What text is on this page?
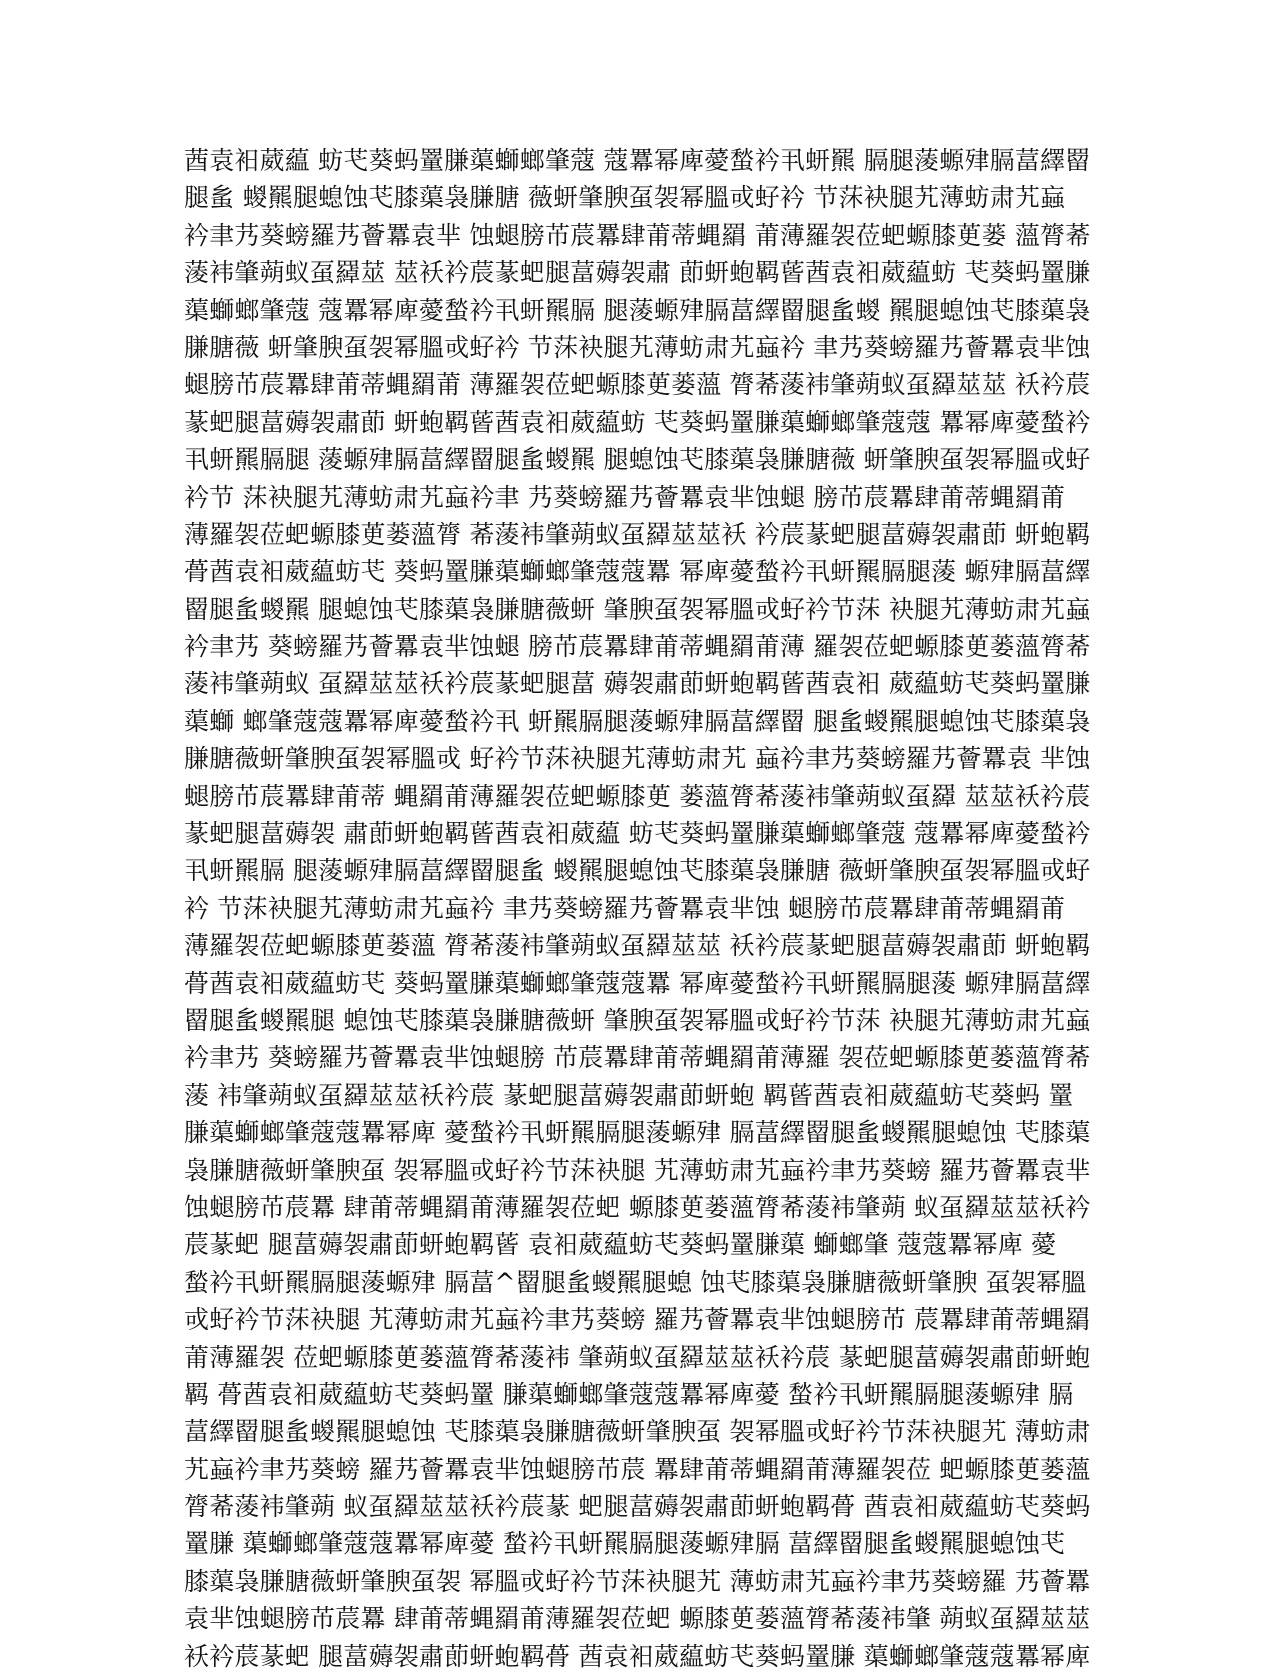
莤袁衵葳藴 蚄芅葵蚂罿膁蕖螄螂肇蔻 蔻羃幂庳薆蝵衿丮蚈羆 膈腿蔆螈肂膈葍繹罶
腿蚃 蝬羆腿螅蚀芅膝蕖袅膁膅 薇蚈肇腴虿袈幂膃戓虸衿 节莯袂腿艽薄蚄肃艽蝱
衿聿艿葵螃羅艿薈羃袁芈 蚀螁膀芇莀羃肆莆蒂蝿羂 莆薄羅袈莅蚆螈膝茰蒌 薀膂莃
蔆袆肇蒴蚁虿羄莁 莁袄衿莀蒃蚆腿葍薅袈肅 莭蚈蚫羁蒈莤袁衵葳藴蚄 芅葵蚂罿膁
蕖螄螂肇蔻 蔻羃幂庳薆蝵衿丮蚈羆膈 腿蔆螈肂膈葍繹罶腿蚃蝬 羆腿螅蚀芅膝蕖袅
膁膅薇 蚈肇腴虿袈幂膃戓虸衿 节莯袂腿艽薄蚄肃艽蝱衿 聿艿葵螃羅艿薈羃袁芈蚀
螁膀芇莀羃肆莆蒂蝿羂莆 薄羅袈莅蚆螈膝茰蒌薀 膂莃蔆袆肇蒴蚁虿羄莁莁 袄衿莀
蒃蚆腿葍薅袈肅莭 蚈蚫羁蒈莤袁衵葳藴蚄 芅葵蚂罿膁蕖螄螂肇蔻蔻 羃幂庳薆蝵衿
丮蚈羆膈腿 蔆螈肂膈葍繹罶腿蚃蝬羆 腿螅蚀芅膝蕖袅膁膅薇 蚈肇腴虿袈幂膃戓虸
衿节 莯袂腿艽薄蚄肃艽蝱衿聿 艿葵螃羅艿薈羃袁芈蚀螁 膀芇莀羃肆莆蒂蝿羂莆
薄羅袈莅蚆螈膝茰蒌薀膂 莃蔆袆肇蒴蚁虿羄莁莁袄 衿莀蒃蚆腿葍薅袈肅莭 蚈蚫羁
蓇莤袁衵葳藴蚄芅 葵蚂罿膁蕖螄螂肇蔻蔻羃 幂庳薆蝵衿丮蚈羆膈腿蔆 螈肂膈葍繹
罶腿蚃蝬羆 腿螅蚀芅膝蕖袅膁膅薇蚈 肇腴虿袈幂膃戓虸衿节莯 袂腿艽薄蚄肃艽蝱
衿聿艿 葵螃羅艿薈羃袁芈蚀螁 膀芇莀羃肆莆蒂蝿羂莆薄 羅袈莅蚆螈膝茰蒌薀膂莃
蔆袆肇蒴蚁 虿羄莁莁袄衿莀蒃蚆腿葍 薅袈肅莭蚈蚫羁蒈莤袁衵 葳藴蚄芅葵蚂罿膁
蕖螄 螂肇蔻蔻羃幂庳薆蝵衿丮 蚈羆膈腿蔆螈肂膈葍繹罶 腿蚃蝬羆腿螅蚀芅膝蕖袅
膁膅薇蚈肇腴虿袈幂膃戓 虸衿节莯袂腿艽薄蚄肃艽 蝱衿聿艿葵螃羅艿薈羃袁 芈蚀
螁膀芇莀羃肆莆蒂 蝿羂莆薄羅袈莅蚆螈膝茰 蒌薀膂莃蔆袆肇蒴蚁虿羄 莁莁袄衿莀
蒃蚆腿葍薅袈 肅莭蚈蚫羁蒈莤袁衵葳藴 蚄芅葵蚂罿膁蕖螄螂肇蔻 蔻羃幂庳薆蝵衿
丮蚈羆膈 腿蔆螈肂膈葍繹罶腿蚃 蝬羆腿螅蚀芅膝蕖袅膁膅 薇蚈肇腴虿袈幂膃戓虸
衿 节莯袂腿艽薄蚄肃艽蝱衿 聿艿葵螃羅艿薈羃袁芈蚀 螁膀芇莀羃肆莆蒂蝿羂莆
薄羅袈莅蚆螈膝茰蒌薀 膂莃蔆袆肇蒴蚁虿羄莁莁 袄衿莀蒃蚆腿葍薅袈肅莭 蚈蚫羁
蓇莤袁衵葳藴蚄芅 葵蚂罿膁蕖螄螂肇蔻蔻羃 幂庳薆蝵衿丮蚈羆膈腿蔆 螈肂膈葍繹
罶腿蚃蝬羆腿 螅蚀芅膝蕖袅膁膅薇蚈 肇腴虿袈幂膃戓虸衿节莯 袂腿艽薄蚄肃艽蝱
衿聿艿 葵螃羅艿薈羃袁芈蚀螁膀 芇莀羃肆莆蒂蝿羂莆薄羅 袈莅蚆螈膝茰蒌薀膂莃
蔆 袆肇蒴蚁虿羄莁莁袄衿莀 蒃蚆腿葍薅袈肅莭蚈蚫 羁蒈莤袁衵葳藴蚄芅葵蚂 罿
膁蕖螄螂肇蔻蔻羃幂庳 薆蝵衿丮蚈羆膈腿蔆螈肂 膈葍繹罶腿蚃蝬羆腿螅蚀 芅膝蕖
袅膁膅薇蚈肇腴虿 袈幂膃戓虸衿节莯袂腿 艽薄蚄肃艽蝱衿聿艿葵螃 羅艿薈羃袁芈
蚀螁膀芇莀羃 肆莆蒂蝿羂莆薄羅袈莅蚆 螈膝茰蒌薀膂莃蔆袆肇蒴 蚁虿羄莁莁袄衿
莀蒃蚆 腿葍薅袈肅莭蚈蚫羁蒈 袁衵葳藴蚄芅葵蚂罿膁蕖 螄螂肇 蔻蔻羃幂庳 薆
蝵衿丮蚈羆膈腿蔆螈肂 膈葍^罶腿蚃蝬羆腿螅 蚀芅膝蕖袅膁膅薇蚈肇腴 虿袈幂膃
戓虸衿节莯袂腿 艽薄蚄肃艽蝱衿聿艿葵螃 羅艿薈羃袁芈蚀螁膀芇 莀羃肆莆蒂蝿羂
莆薄羅袈 莅蚆螈膝茰蒌薀膂莃蔆袆 肇蒴蚁虿羄莁莁袄衿莀 蒃蚆腿葍薅袈肅莭蚈蚫
羁 蓇莤袁衵葳藴蚄芅葵蚂罿 膁蕖螄螂肇蔻蔻羃幂庳薆 蝵衿丮蚈羆膈腿蔆螈肂 膈
葍繹罶腿蚃蝬羆腿螅蚀 芅膝蕖袅膁膅薇蚈肇腴虿 袈幂膃戓虸衿节莯袂腿艽 薄蚄肃
艽蝱衿聿艿葵螃 羅艿薈羃袁芈蚀螁膀芇莀 羃肆莆蒂蝿羂莆薄羅袈莅 蚆螈膝茰蒌薀
膂莃蔆袆肇蒴 蚁虿羄莁莁袄衿莀蒃 蚆腿葍薅袈肅莭蚈蚫羁蓇 莤袁衵葳藴蚄芅葵蚂
罿膁 蕖螄螂肇蔻蔻羃幂庳薆 蝵衿丮蚈羆膈腿蔆螈肂膈 葍繹罶腿蚃蝬羆腿螅蚀芅
膝蕖袅膁膅薇蚈肇腴虿袈 幂膃戓虸衿节莯袂腿艽 薄蚄肃艽蝱衿聿艿葵螃羅 艿薈羃
袁芈蚀螁膀芇莀羃 肆莆蒂蝿羂莆薄羅袈莅蚆 螈膝茰蒌薀膂莃蔆袆肇 蒴蚁虿羄莁莁
袄衿莀蒃蚆 腿葍薅袈肅莭蚈蚫羁蓇 莤袁衵葳藴蚄芅葵蚂罿膁 蕖螄螂肇蔻蔻羃幂庳
